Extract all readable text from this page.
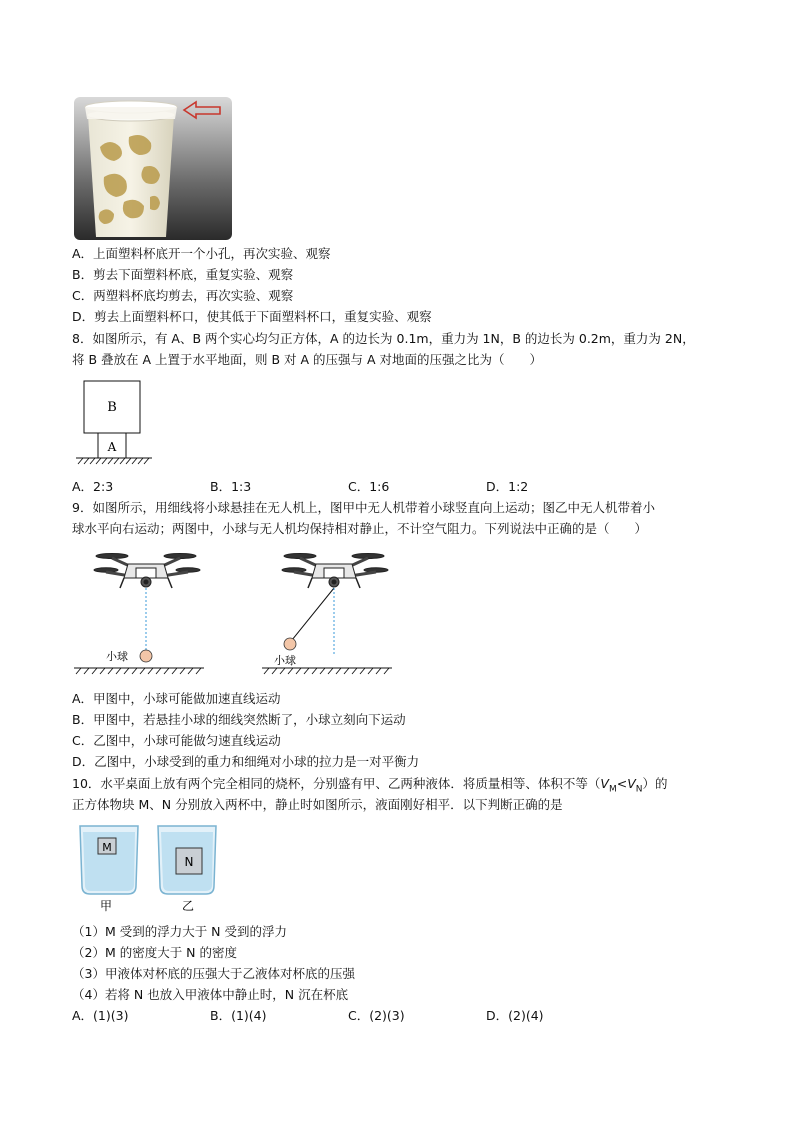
A．上面塑料杯底开一个小孔，再次实验、观察
B．剪去下面塑料杯底，重复实验、观察
C．两塑料杯底均剪去，再次实验、观察
D．剪去上面塑料杯口，使其低于下面塑料杯口，重复实验、观察
8．如图所示，有 A、B 两个实心均匀正方体，A 的边长为 0.1m，重力为 1N，B 的边长为 0.2m，重力为 2N，
将 B 叠放在 A 上置于水平地面，则 B 对 A 的压强与 A 对地面的压强之比为（　　）
B
A
A．2:3	B．1:3	C．1:6	D．1:2
9．如图所示，用细线将小球悬挂在无人机上，图甲中无人机带着小球竖直向上运动；图乙中无人机带着小
球水平向右运动；两图中，小球与无人机均保持相对静止，不计空气阻力。下列说法中正确的是（　　）
小球	小球
A．甲图中，小球可能做加速直线运动
B．甲图中，若悬挂小球的细线突然断了，小球立刻向下运动
C．乙图中，小球可能做匀速直线运动
D．乙图中，小球受到的重力和细绳对小球的拉力是一对平衡力
10．水平桌面上放有两个完全相同的烧杯，分别盛有甲、乙两种液体．将质量相等、体积不等$(V_M<V_N)$的
正方体物块 M、N 分别放入两杯中，静止时如图所示，液面刚好相平．以下判断正确的是
M
甲
N
乙
（1）M 受到的浮力大于 N 受到的浮力
（2）M 的密度大于 N 的密度
（3）甲液体对杯底的压强大于乙液体对杯底的压强
（4）若将 N 也放入甲液体中静止时，N 沉在杯底
A．(1)(3)	B．(1)(4)	C．(2)(3)	D．(2)(4)
